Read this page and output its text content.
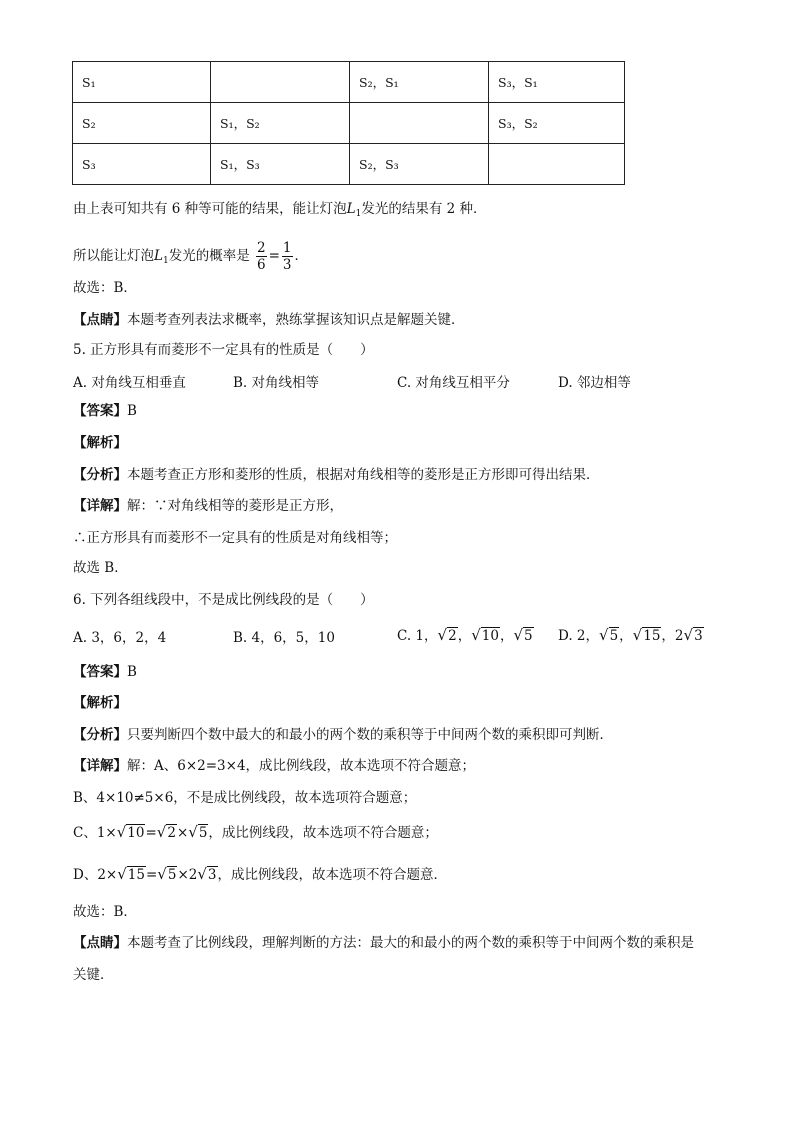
S₁		S₂，S₁	S₃，S₁
S₂	S₁，S₂		S₃，S₂
S₃	S₁，S₃	S₂，S₃	
由上表可知共有 6 种等可能的结果，能让灯泡$L_1$发光的结果有 2 种．
所以能让灯泡$L_1$发光的概率是 $\frac{2}{6} = \frac{1}{3}$ ．
故选：B．
【点睛】本题考查列表法求概率，熟练掌握该知识点是解题关键．
5. 正方形具有而菱形不一定具有的性质是（　　）
A. 对角线互相垂直	B. 对角线相等	C. 对角线互相平分	D. 邻边相等
【答案】B
【解析】
【分析】本题考查正方形和菱形的性质，根据对角线相等的菱形是正方形即可得出结果．
【详解】解：∵对角线相等的菱形是正方形，
∴正方形具有而菱形不一定具有的性质是对角线相等；
故选 B．
6. 下列各组线段中，不是成比例线段的是（　　）
A. 3，6，2，4	B. 4，6，5，10	C. 1，√2，√10，√5 D. 2，√5，√15，2√3
【答案】B
【解析】
【分析】只要判断四个数中最大的和最小的两个数的乘积等于中间两个数的乘积即可判断．
【详解】解：A、6×2=3×4，成比例线段，故本选项不符合题意；
B、4×10≠5×6，不是成比例线段，故本选项符合题意；
C、1×√10=√2×√5，成比例线段，故本选项不符合题意；
D、2×√15=√5×2√3，成比例线段，故本选项不符合题意．
故选：B．
【点睛】本题考查了比例线段，理解判断的方法：最大的和最小的两个数的乘积等于中间两个数的乘积是
关键．
